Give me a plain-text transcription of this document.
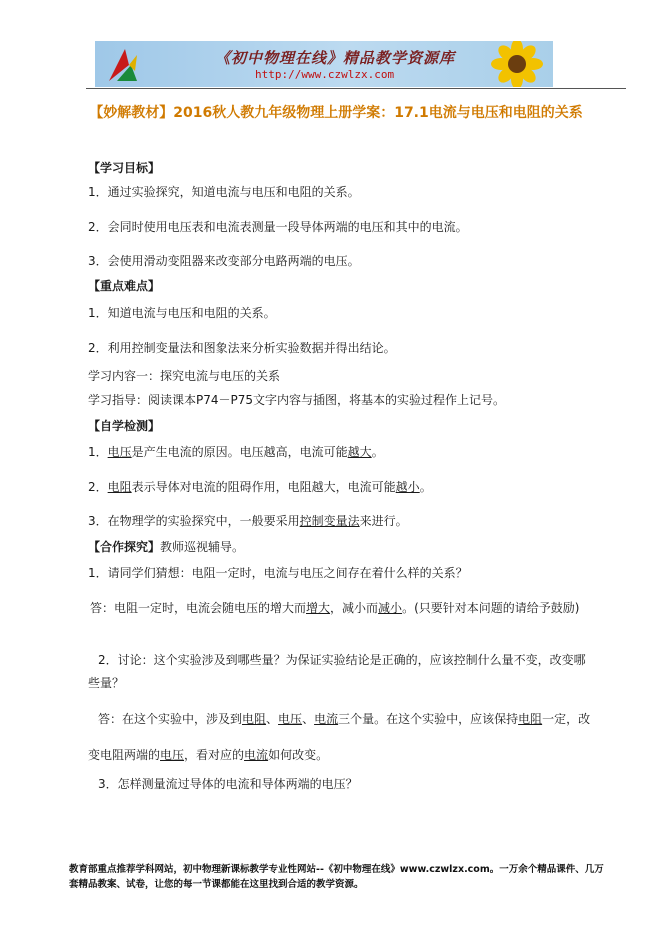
《初中物理在线》精品教学资源库
http://www.czwlzx.com
【妙解教材】2016秋人教九年级物理上册学案：17.1电流与电压和电阻的关系
【学习目标】
1．通过实验探究，知道电流与电压和电阻的关系。
2．会同时使用电压表和电流表测量一段导体两端的电压和其中的电流。
3．会使用滑动变阻器来改变部分电路两端的电压。
【重点难点】
1．知道电流与电压和电阻的关系。
2．利用控制变量法和图象法来分析实验数据并得出结论。
学习内容一：探究电流与电压的关系
学习指导：阅读课本P74－P75文字内容与插图，将基本的实验过程作上记号。
【自学检测】
1．电压是产生电流的原因。电压越高，电流可能越大。
2．电阻表示导体对电流的阻碍作用，电阻越大，电流可能越小。
3．在物理学的实验探究中，一般要采用控制变量法来进行。
【合作探究】教师巡视辅导。
1．请同学们猜想：电阻一定时，电流与电压之间存在着什么样的关系？
答：电阻一定时，电流会随电压的增大而增大，减小而减小。(只要针对本问题的请给予鼓励)
2．讨论：这个实验涉及到哪些量？为保证实验结论是正确的，应该控制什么量不变，改变哪些量？
答：在这个实验中，涉及到电阻、电压、电流三个量。在这个实验中，应该保持电阻一定，改变电阻两端的电压，看对应的电流如何改变。
3．怎样测量流过导体的电流和导体两端的电压？
教育部重点推荐学科网站，初中物理新课标教学专业性网站--《初中物理在线》www.czwlzx.com。一万余个精品课件、几万套精品教案、试卷，让您的每一节课都能在这里找到合适的教学资源。
